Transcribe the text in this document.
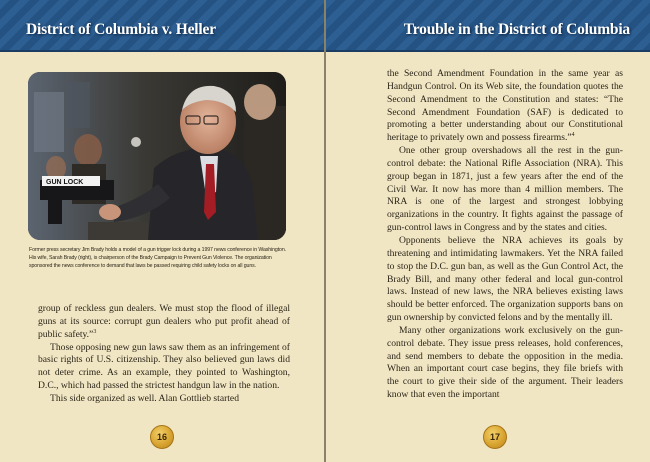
District of Columbia v. Heller
GUN LOCK
Former press secretary Jim Brady holds a model of a gun trigger lock during a 1997 news conference in Washington. His wife, Sarah Brady (right), is chairperson of the Brady Campaign to Prevent Gun Violence. The organization sponsored the news conference to demand that laws be passed requiring child safety locks on all guns.

group of reckless gun dealers. We must stop the flood of illegal guns at its source: corrupt gun dealers who put profit ahead of public safety.”$^3$

Those opposing new gun laws saw them as an infringement of basic rights of U.S. citizenship. They also believed gun laws did not deter crime. As an example, they pointed to Washington, D.C., which had passed the strictest handgun law in the nation.

This side organized as well. Alan Gottlieb started

16
Trouble in the District of Columbia

the Second Amendment Foundation in the same year as Handgun Control. On its Web site, the foundation quotes the Second Amendment to the Constitution and states: “The Second Amendment Foundation (SAF) is dedicated to promoting a better understanding about our Constitutional heritage to privately own and possess firearms.”$^4$

One other group overshadows all the rest in the gun-control debate: the National Rifle Association (NRA). This group began in 1871, just a few years after the end of the Civil War. It now has more than 4 million members. The NRA is one of the largest and strongest lobbying organizations in the country. It fights against the passage of gun-control laws in Congress and by the states and cities.

Opponents believe the NRA achieves its goals by threatening and intimidating lawmakers. Yet the NRA failed to stop the D.C. gun ban, as well as the Gun Control Act, the Brady Bill, and many other federal and local gun-control laws. Instead of new laws, the NRA believes existing laws should be better enforced. The organization supports bans on gun ownership by convicted felons and by the mentally ill.

Many other organizations work exclusively on the gun-control debate. They issue press releases, hold conferences, and send members to debate the opposition in the media. When an important court case begins, they file briefs with the court to give their side of the argument. Their leaders know that even the important

17
